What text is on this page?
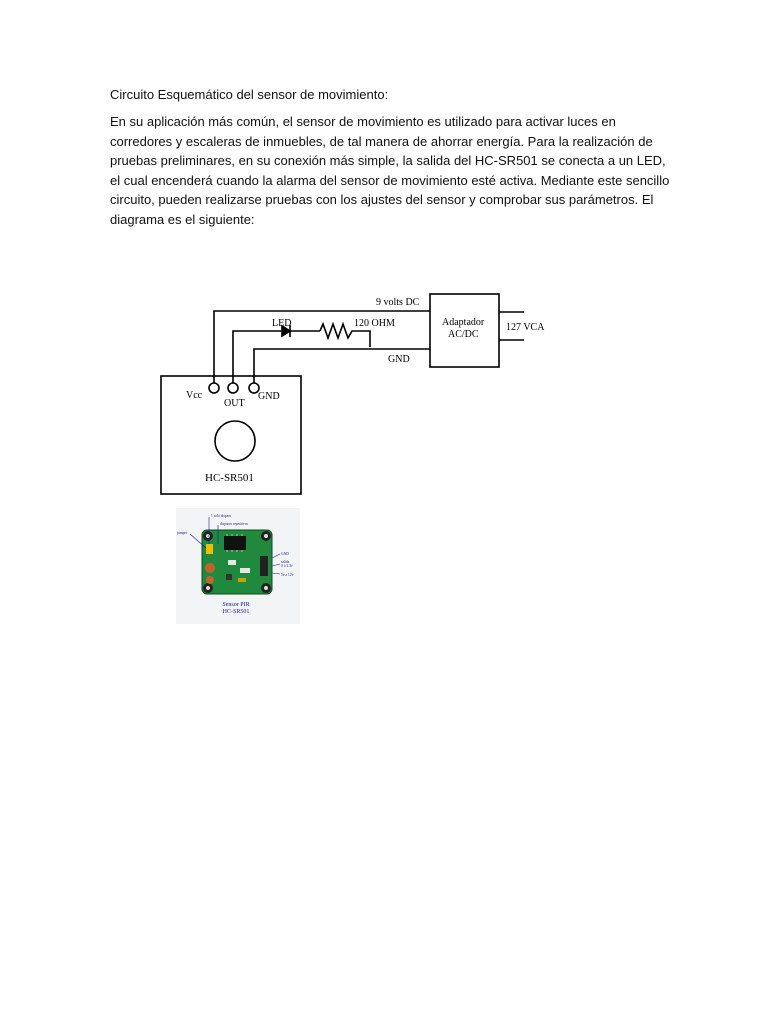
Circuito Esquemático del sensor de movimiento:

En su aplicación más común, el sensor de movimiento es utilizado para activar luces en corredores y escaleras de inmuebles, de tal manera de ahorrar energía. Para la realización de pruebas preliminares, en su conexión más simple, la salida del HC-SR501 se conecta a un LED, el cual encenderá cuando la alarma del sensor de movimiento esté activa. Mediante este sencillo circuito, pueden realizarse pruebas con los ajustes del sensor y comprobar sus parámetros. El diagrama es el siguiente:

9 volts DC
LED	120 OHM
GND
Adaptador
AC/DC
127 VCA
Vcc
OUT
GND
HC-SR501
1 solo disparo
disparos repetitivos
jumper
GND
salida
0 ó 3.3v
5v a 12v
Sensor PIR
HC-SR501
